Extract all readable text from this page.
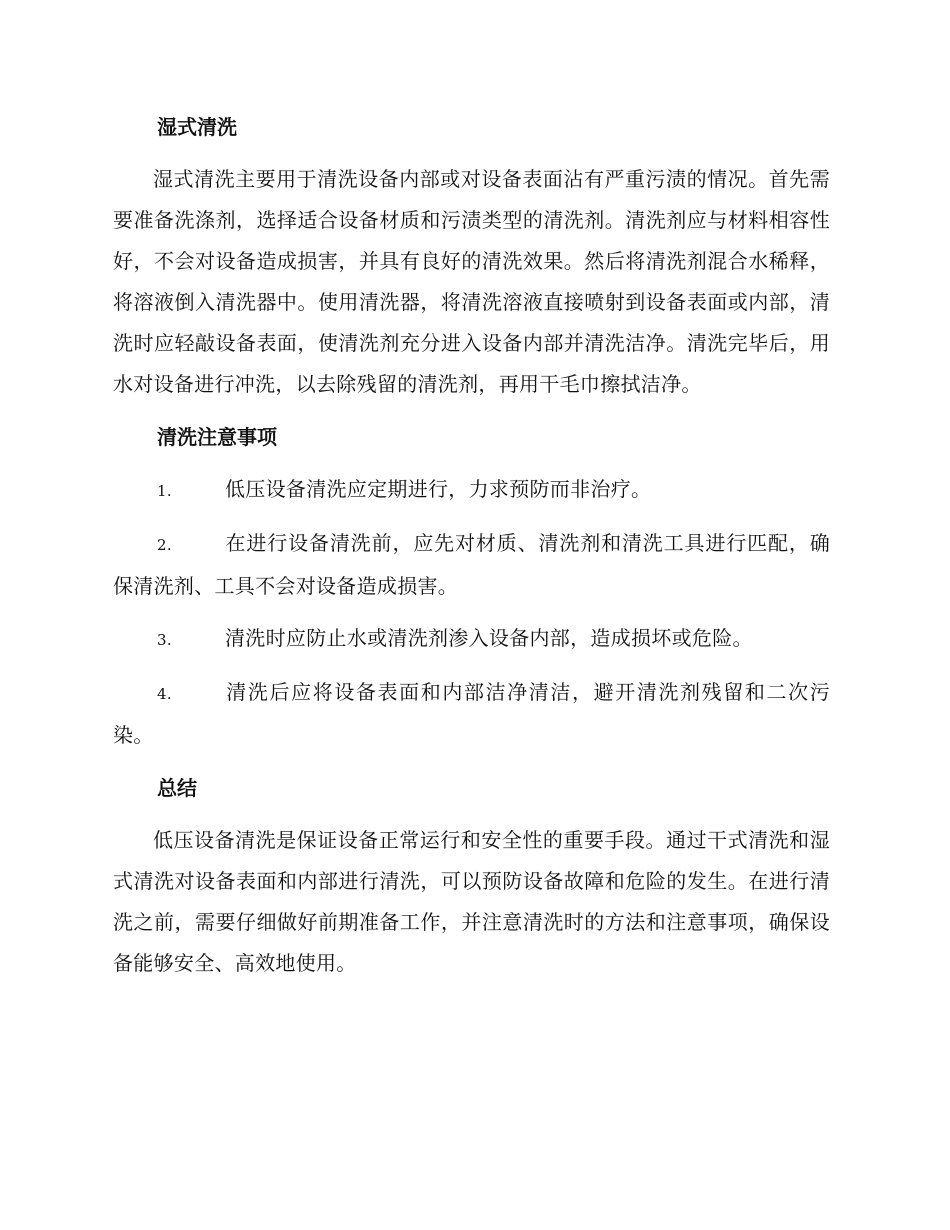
湿式清洗

湿式清洗主要用于清洗设备内部或对设备表面沾有严重污渍的情况。首先需要准备洗涤剂，选择适合设备材质和污渍类型的清洗剂。清洗剂应与材料相容性好，不会对设备造成损害，并具有良好的清洗效果。然后将清洗剂混合水稀释，将溶液倒入清洗器中。使用清洗器，将清洗溶液直接喷射到设备表面或内部，清洗时应轻敲设备表面，使清洗剂充分进入设备内部并清洗洁净。清洗完毕后，用水对设备进行冲洗，以去除残留的清洗剂，再用干毛巾擦拭洁净。

清洗注意事项

1.	低压设备清洗应定期进行，力求预防而非治疗。

2.	在进行设备清洗前，应先对材质、清洗剂和清洗工具进行匹配，确保清洗剂、工具不会对设备造成损害。

3.	清洗时应防止水或清洗剂渗入设备内部，造成损坏或危险。

4.	清洗后应将设备表面和内部洁净清洁，避开清洗剂残留和二次污染。

总结

低压设备清洗是保证设备正常运行和安全性的重要手段。通过干式清洗和湿式清洗对设备表面和内部进行清洗，可以预防设备故障和危险的发生。在进行清洗之前，需要仔细做好前期准备工作，并注意清洗时的方法和注意事项，确保设备能够安全、高效地使用。
